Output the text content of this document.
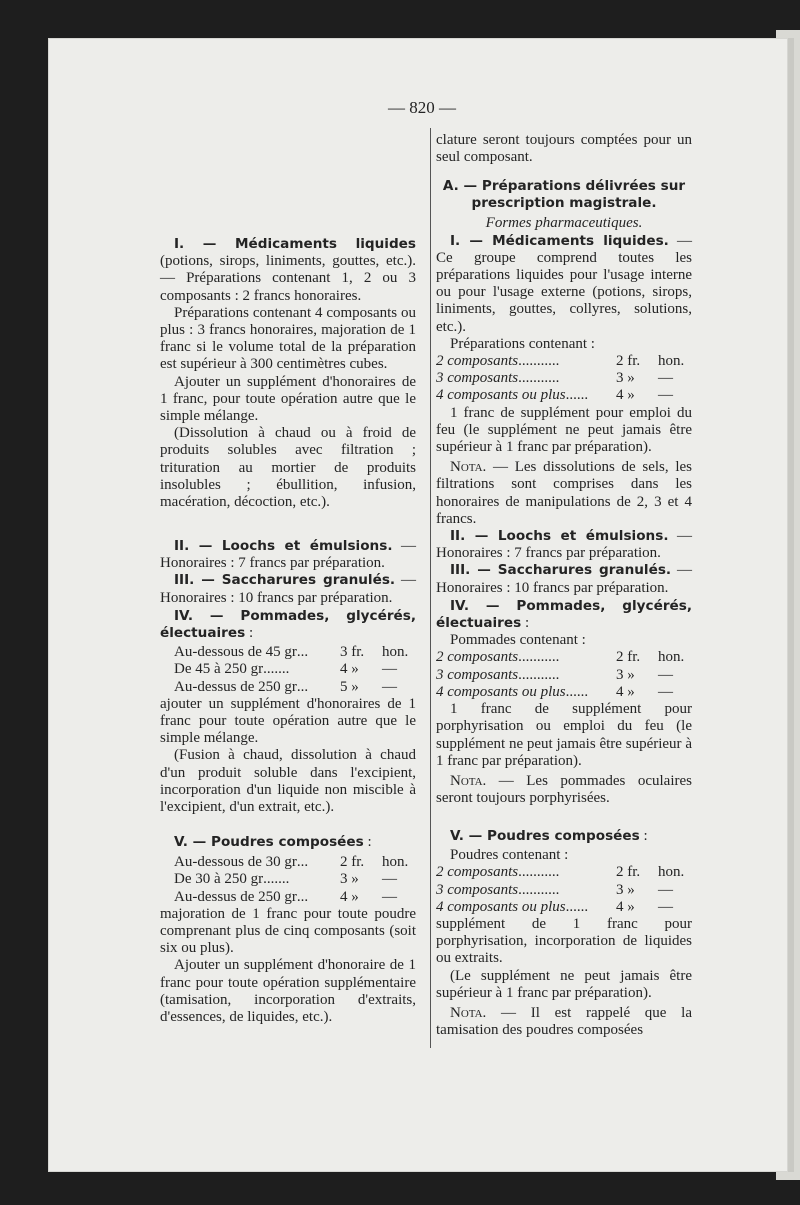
— 820 —

I. — Médicaments liquides (potions, sirops, liniments, gouttes, etc.). — Préparations contenant 1, 2 ou 3 composants : 2 francs honoraires.

Préparations contenant 4 composants ou plus : 3 francs honoraires, majoration de 1 franc si le volume total de la préparation est supérieur à 300 centimètres cubes.

Ajouter un supplément d'honoraires de 1 franc, pour toute opération autre que le simple mélange.

(Dissolution à chaud ou à froid de produits solubles avec filtration ; trituration au mortier de produits insolubles ; ébullition, infusion, macération, décoction, etc.).

II. — Loochs et émulsions. — Honoraires : 7 francs par préparation.

III. — Saccharures granulés. — Honoraires : 10 francs par préparation.

IV. — Pommades, glycérés, électuaires :

Au-dessous de 45 gr ...	3 fr.	hon.
De 45 à 250 gr .......	4 »	—
Au-dessus de 250 gr ...	5 »	—

ajouter un supplément d'honoraires de 1 franc pour toute opération autre que le simple mélange.

(Fusion à chaud, dissolution à chaud d'un produit soluble dans l'excipient, incorporation d'un liquide non miscible à l'excipient, d'un extrait, etc.).

V. — Poudres composées :

Au-dessous de 30 gr ...	2 fr.	hon.
De 30 à 250 gr .......	3 »	—
Au-dessus de 250 gr ...	4 »	—

majoration de 1 franc pour toute poudre comprenant plus de cinq composants (soit six ou plus).

Ajouter un supplément d'honoraire de 1 franc pour toute opération supplémentaire (tamisation, incorporation d'extraits, d'essences, de liquides, etc.).

clature seront toujours comptées pour un seul composant.

A. — Préparations délivrées sur prescription magistrale.

Formes pharmaceutiques.

I. — Médicaments liquides. — Ce groupe comprend toutes les préparations liquides pour l'usage interne ou pour l'usage externe (potions, sirops, liniments, gouttes, collyres, solutions, etc.).

Préparations contenant :

2 composants ...........	2 fr.	hon.
3 composants ...........	3 »	—
4 composants ou plus ......	4 »	—

1 franc de supplément pour emploi du feu (le supplément ne peut jamais être supérieur à 1 franc par préparation).

Nota. — Les dissolutions de sels, les filtrations sont comprises dans les honoraires de manipulations de 2, 3 et 4 francs.

II. — Loochs et émulsions. — Honoraires : 7 francs par préparation.

III. — Saccharures granulés. — Honoraires : 10 francs par préparation.

IV. — Pommades, glycérés, électuaires :

Pommades contenant :

2 composants ...........	2 fr.	hon.
3 composants ...........	3 »	—
4 composants ou plus ......	4 »	—

1 franc de supplément pour porphyrisation ou emploi du feu (le supplément ne peut jamais être supérieur à 1 franc par préparation).

Nota. — Les pommades oculaires seront toujours porphyrisées.

V. — Poudres composées :

Poudres contenant :

2 composants ...........	2 fr.	hon.
3 composants ...........	3 »	—
4 composants ou plus ......	4 »	—

supplément de 1 franc pour porphyrisation, incorporation de liquides ou extraits.

(Le supplément ne peut jamais être supérieur à 1 franc par préparation).

Nota. — Il est rappelé que la tamisation des poudres composées
